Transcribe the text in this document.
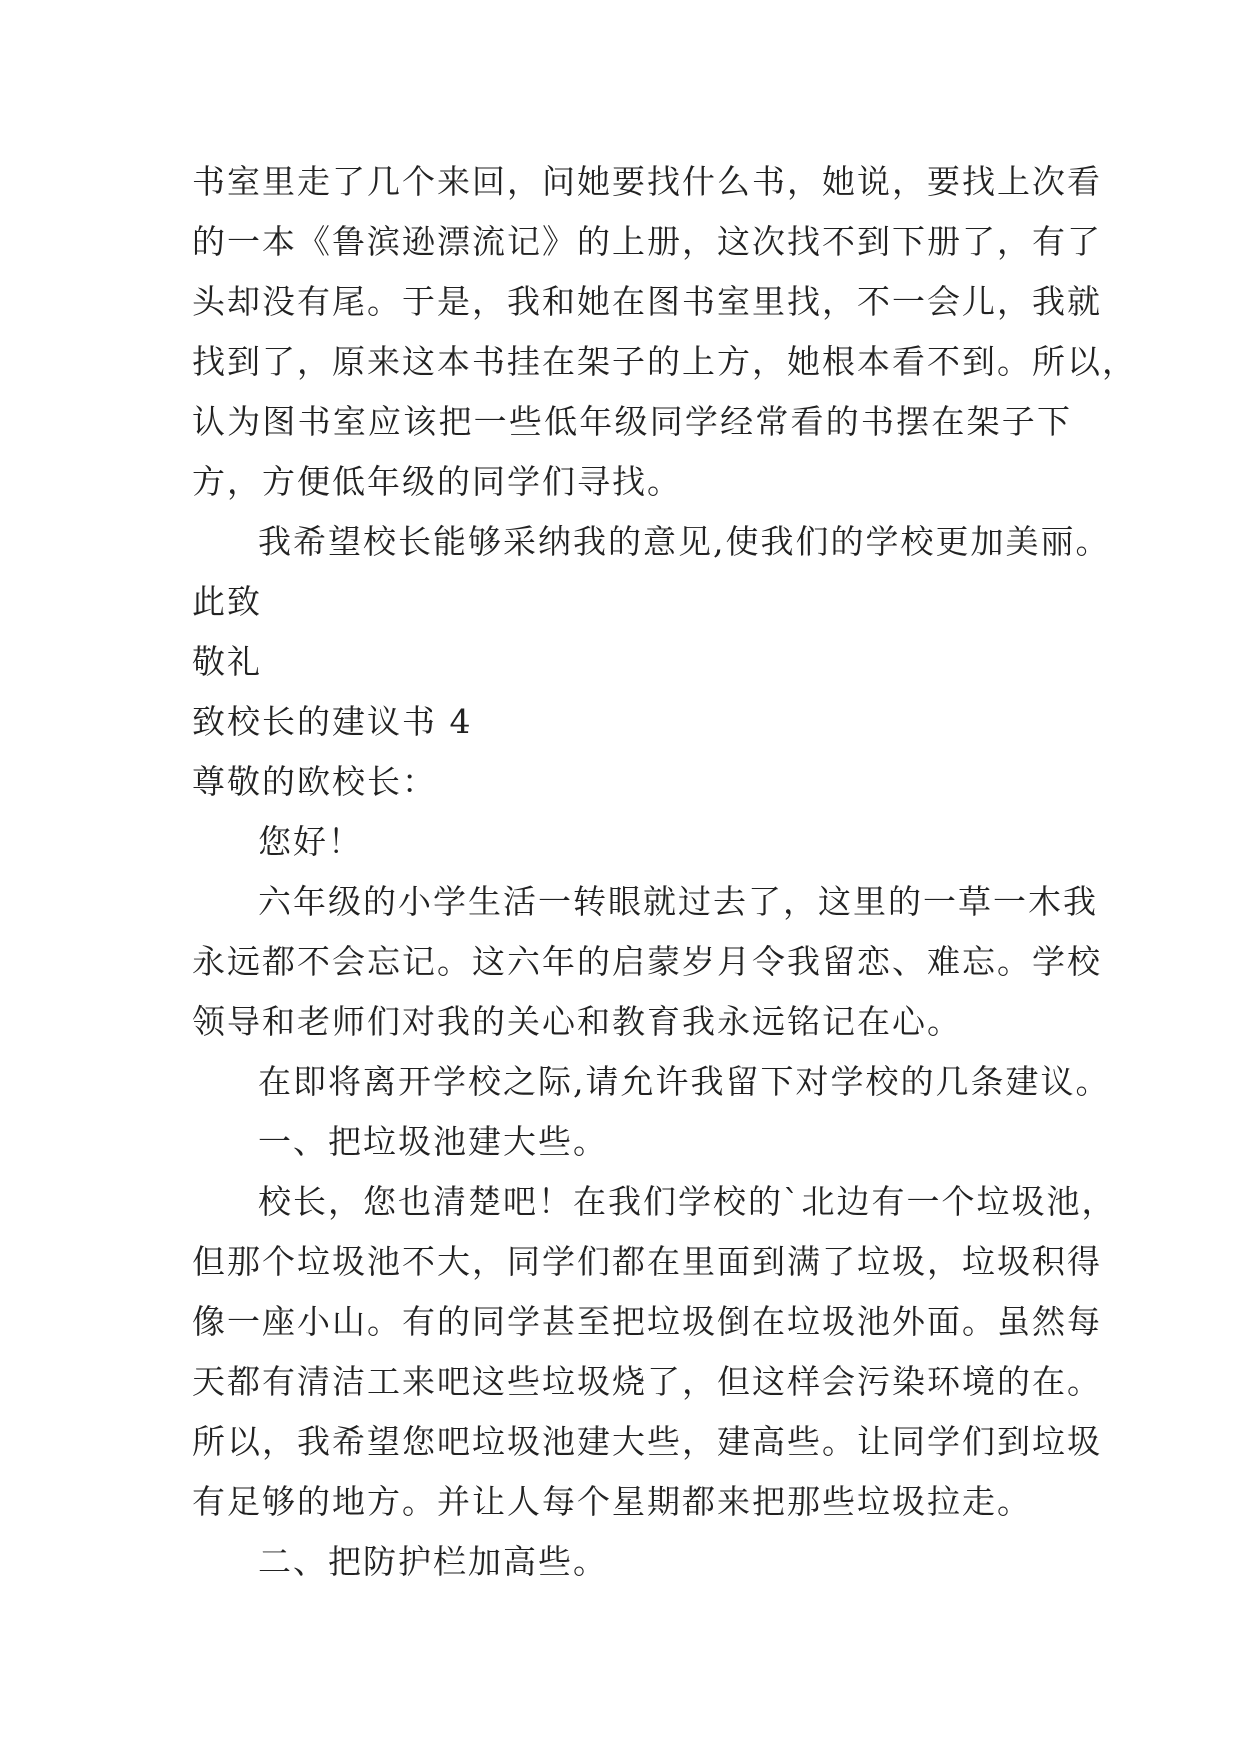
书室里走了几个来回，问她要找什么书，她说，要找上次看
的一本《鲁滨逊漂流记》的上册，这次找不到下册了，有了
头却没有尾。于是，我和她在图书室里找，不一会儿，我就
找到了，原来这本书挂在架子的上方，她根本看不到。所以，
认为图书室应该把一些低年级同学经常看的书摆在架子下
方，方便低年级的同学们寻找。
我希望校长能够采纳我的意见,使我们的学校更加美丽。
此致
敬礼
致校长的建议书 4
尊敬的欧校长：
您好！
六年级的小学生活一转眼就过去了，这里的一草一木我
永远都不会忘记。这六年的启蒙岁月令我留恋、难忘。学校
领导和老师们对我的关心和教育我永远铭记在心。
在即将离开学校之际,请允许我留下对学校的几条建议。
一、把垃圾池建大些。
校长，您也清楚吧！在我们学校的`北边有一个垃圾池，
但那个垃圾池不大，同学们都在里面到满了垃圾，垃圾积得
像一座小山。有的同学甚至把垃圾倒在垃圾池外面。虽然每
天都有清洁工来吧这些垃圾烧了，但这样会污染环境的在。
所以，我希望您吧垃圾池建大些，建高些。让同学们到垃圾
有足够的地方。并让人每个星期都来把那些垃圾拉走。
二、把防护栏加高些。
